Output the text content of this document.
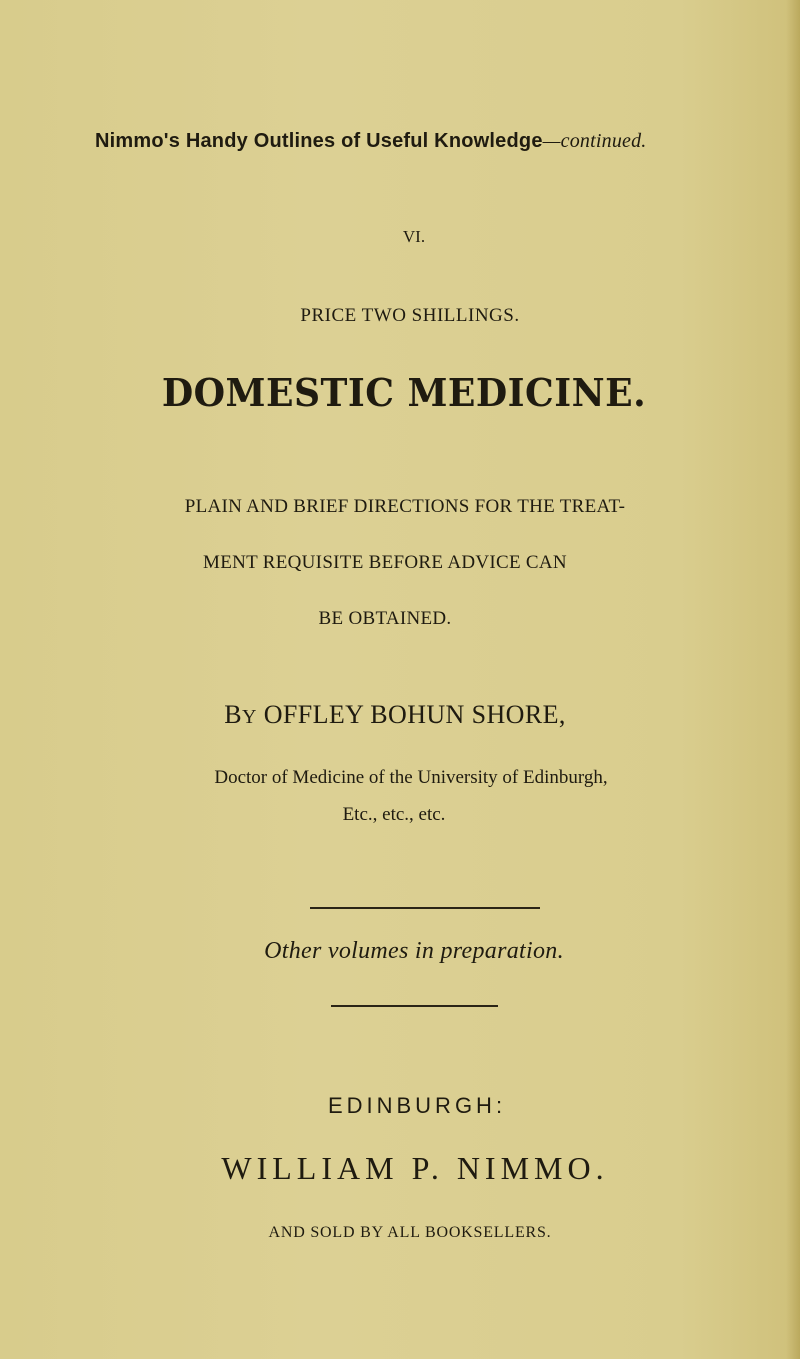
Nimmo's Handy Outlines of Useful Knowledge—continued.
VI.
PRICE TWO SHILLINGS.
DOMESTIC MEDICINE.
PLAIN AND BRIEF DIRECTIONS FOR THE TREAT-
MENT REQUISITE BEFORE ADVICE CAN
BE OBTAINED.
BY OFFLEY BOHUN SHORE,
Doctor of Medicine of the University of Edinburgh,
Etc., etc., etc.
Other volumes in preparation.
EDINBURGH:
WILLIAM P. NIMMO.
AND SOLD BY ALL BOOKSELLERS.
